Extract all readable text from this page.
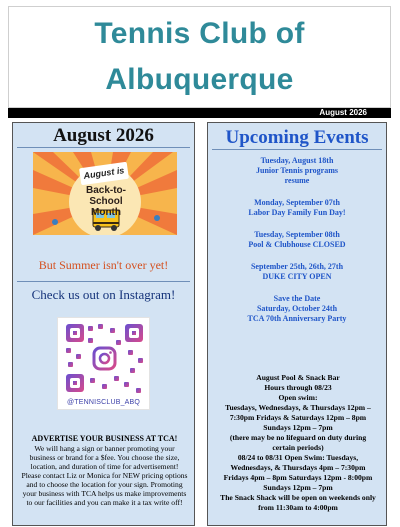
Tennis Club of
Albuquerque
August 2026
August 2026
August is
Back-to-
School Month
But Summer isn't over yet!
Check us out on Instagram!
@TENNISCLUB_ABQ
ADVERTISE YOUR BUSINESS AT TCA!
We will hang a sign or banner promoting your
business or brand for a $fee. You choose the size,
location, and duration of time for advertisement!
Please contact Liz or Monica for NEW pricing options
and to choose the location for your sign. Promoting
your business with TCA helps us make improvements
to our facilities and you can make it a tax write off!
Upcoming Events
Tuesday, August 18th
Junior Tennis programs
resume
Monday, September 07th
Labor Day Family Fun Day!
Tuesday, September 08th
Pool & Clubhouse CLOSED
September 25th, 26th, 27th
DUKE CITY OPEN
Save the Date
Saturday, October 24th
TCA 70th Anniversary Party
August Pool & Snack Bar
Hours through 08/23
Open swim:
Tuesdays, Wednesdays, & Thursdays 12pm –
7:30pm Fridays & Saturdays 12pm – 8pm
Sundays 12pm – 7pm
(there may be no lifeguard on duty during
certain periods)
08/24 to 08/31 Open Swim: Tuesdays,
Wednesdays, & Thursdays 4pm – 7:30pm
Fridays 4pm – 8pm Saturdays 12pm - 8:00pm
Sundays 12pm – 7pm
The Snack Shack will be open on weekends only
from 11:30am to 4:00pm
